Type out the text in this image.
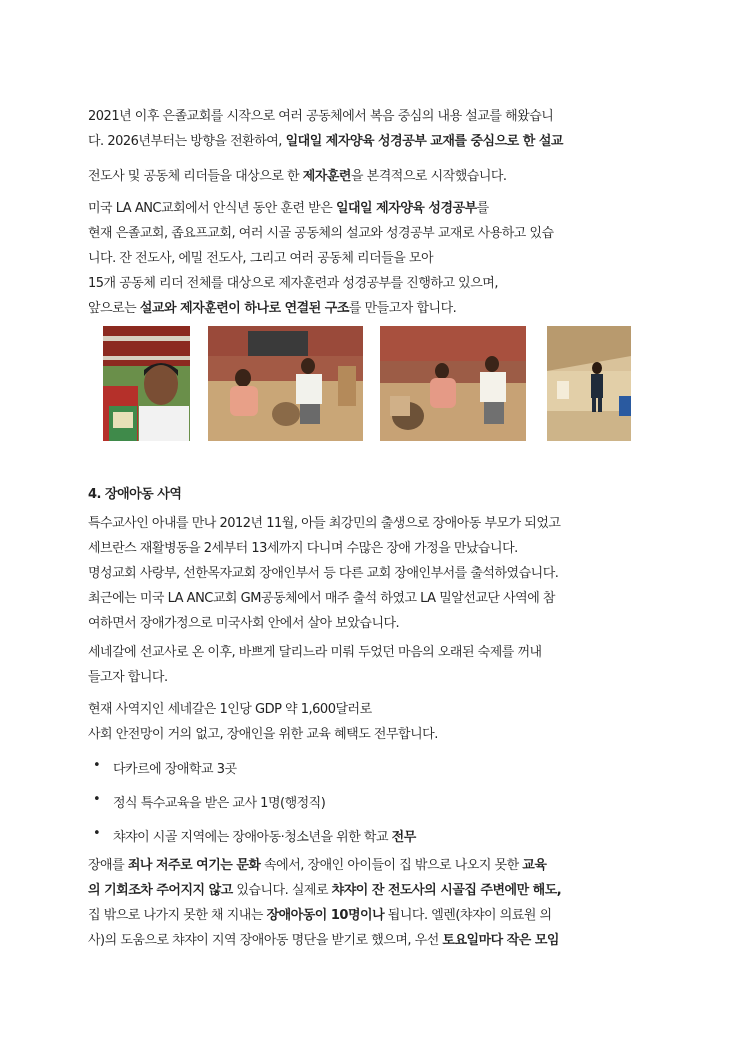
2021년 이후 은졸교회를 시작으로 여러 공동체에서 복음 중심의 내용 설교를 해왔습니
다. 2026년부터는 방향을 전환하여, 일대일 제자양육 성경공부 교재를 중심으로 한 설교
전도사 및 공동체 리더들을 대상으로 한 제자훈련을 본격적으로 시작했습니다.
미국 LA ANC교회에서 안식년 동안 훈련 받은 일대일 제자양육 성경공부를
현재 은졸교회, 좁요프교회, 여러 시골 공동체의 설교와 성경공부 교재로 사용하고 있습
니다. 잔 전도사, 에밀 전도사, 그리고 여러 공동체 리더들을 모아
15개 공동체 리더 전체를 대상으로 제자훈련과 성경공부를 진행하고 있으며,
앞으로는 설교와 제자훈련이 하나로 연결된 구조를 만들고자 합니다.
4. 장애아동 사역
특수교사인 아내를 만나 2012년 11월, 아들 최강민의 출생으로 장애아동 부모가 되었고
세브란스 재활병동을 2세부터 13세까지 다니며 수많은 장애 가정을 만났습니다.
명성교회 사랑부, 선한목자교회 장애인부서 등 다른 교회 장애인부서를 출석하였습니다.
최근에는 미국 LA ANC교회 GM공동체에서 매주 출석 하였고 LA 밀알선교단 사역에 참
여하면서 장애가정으로 미국사회 안에서 살아 보았습니다.
세네갈에 선교사로 온 이후, 바쁘게 달리느라 미뤄 두었던 마음의 오래된 숙제를 꺼내
들고자 합니다.
현재 사역지인 세네갈은 1인당 GDP 약 1,600달러로
사회 안전망이 거의 없고, 장애인을 위한 교육 혜택도 전무합니다.
• 다카르에 장애학교 3곳
• 정식 특수교육을 받은 교사 1명(행정직)
• 챠쟈이 시골 지역에는 장애아동·청소년을 위한 학교 전무
장애를 죄나 저주로 여기는 문화 속에서, 장애인 아이들이 집 밖으로 나오지 못한 교육
의 기회조차 주어지지 않고 있습니다. 실제로 챠쟈이 잔 전도사의 시골집 주변에만 해도,
집 밖으로 나가지 못한 채 지내는 장애아동이 10명이나 됩니다. 엘렌(챠쟈이 의료원 의
사)의 도움으로 챠쟈이 지역 장애아동 명단을 받기로 했으며, 우선 토요일마다 작은 모임
